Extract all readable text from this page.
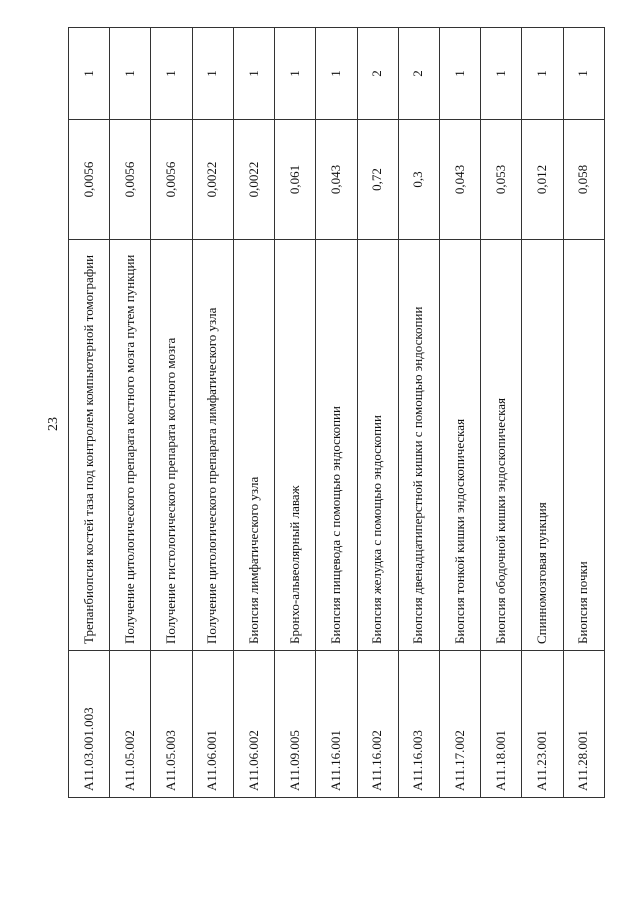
23
А11.03.001.003	Трепанбиопсия костей таза под контролем компьютерной томографии	0,0056	1
А11.05.002	Получение цитологического препарата костного мозга путем пункции	0,0056	1
А11.05.003	Получение гистологического препарата костного мозга	0,0056	1
А11.06.001	Получение цитологического препарата лимфатического узла	0,0022	1
А11.06.002	Биопсия лимфатического узла	0,0022	1
А11.09.005	Бронхо-альвеолярный лаваж	0,061	1
А11.16.001	Биопсия пищевода с помощью эндоскопии	0,043	1
А11.16.002	Биопсия желудка с помощью эндоскопии	0,72	2
А11.16.003	Биопсия двенадцатиперстной кишки с помощью эндоскопии	0,3	2
А11.17.002	Биопсия тонкой кишки эндоскопическая	0,043	1
А11.18.001	Биопсия ободочной кишки эндоскопическая	0,053	1
А11.23.001	Спинномозговая пункция	0,012	1
А11.28.001	Биопсия почки	0,058	1
